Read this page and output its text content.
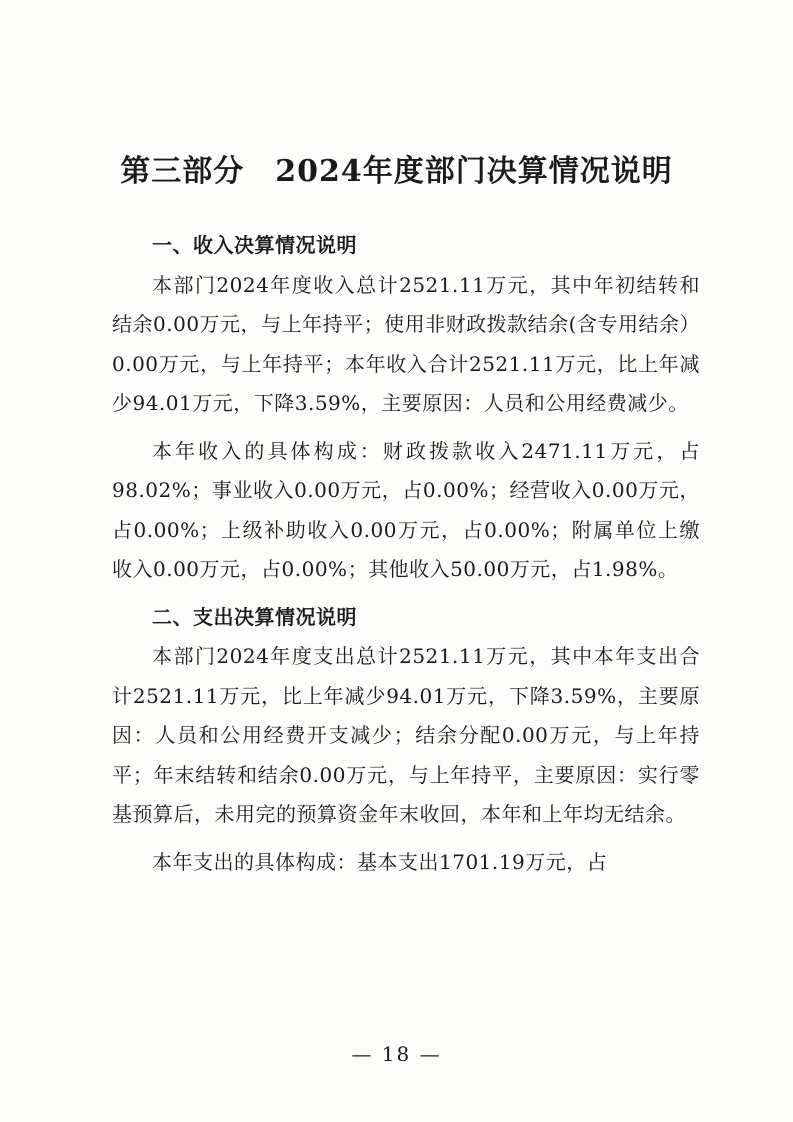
第三部分　2024年度部门决算情况说明

一、收入决算情况说明

本部门2024年度收入总计2521.11万元，其中年初结转和结余0.00万元，与上年持平；使用非财政拨款结余(含专用结余）0.00万元，与上年持平；本年收入合计2521.11万元，比上年减少94.01万元，下降3.59%，主要原因：人员和公用经费减少。

本年收入的具体构成：财政拨款收入2471.11万元，占98.02%；事业收入0.00万元，占0.00%；经营收入0.00万元，占0.00%；上级补助收入0.00万元，占0.00%；附属单位上缴收入0.00万元，占0.00%；其他收入50.00万元，占1.98%。

二、支出决算情况说明

本部门2024年度支出总计2521.11万元，其中本年支出合计2521.11万元，比上年减少94.01万元，下降3.59%，主要原因：人员和公用经费开支减少；结余分配0.00万元，与上年持平；年末结转和结余0.00万元，与上年持平，主要原因：实行零基预算后，未用完的预算资金年末收回，本年和上年均无结余。

本年支出的具体构成：基本支出1701.19万元，占

— 18 —
